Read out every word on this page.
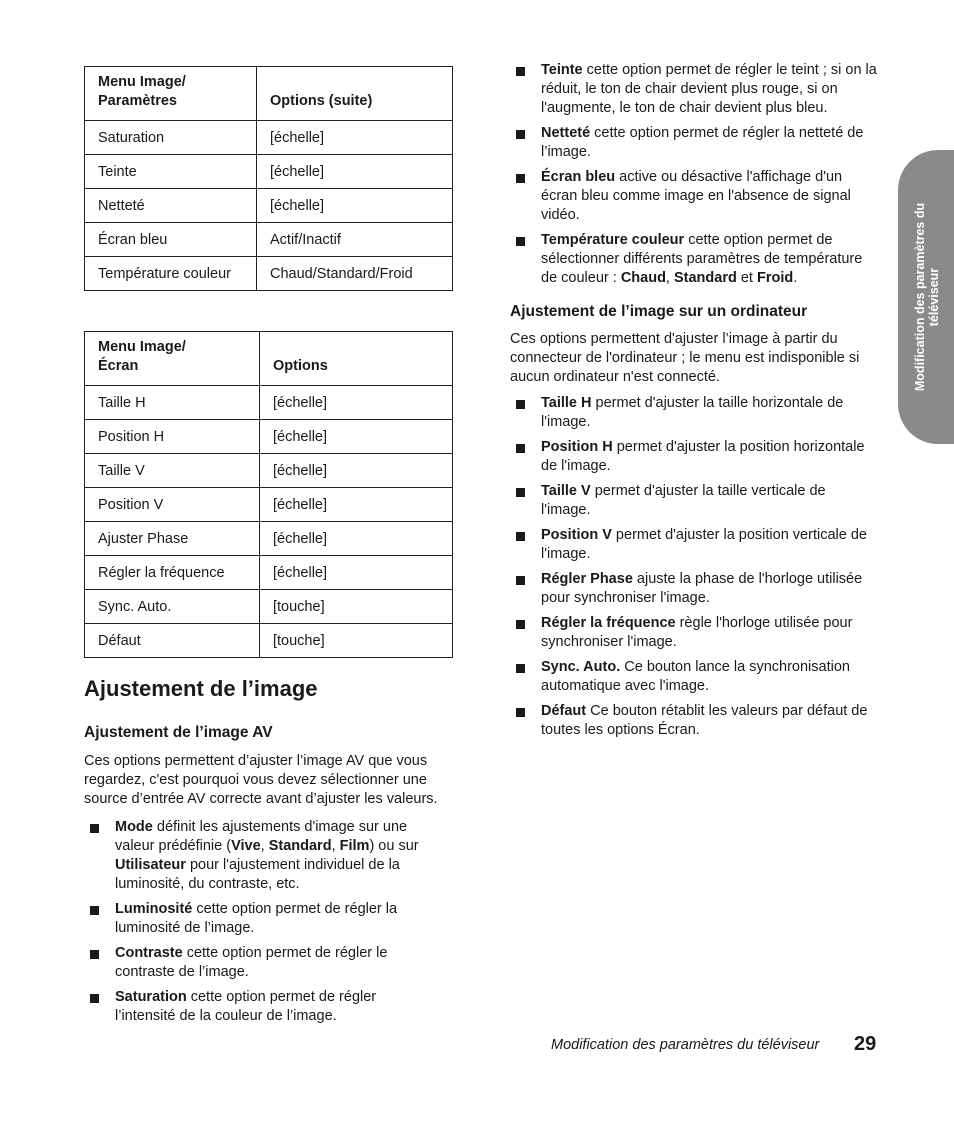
Menu Image/
Paramètres	Options (suite)
Saturation	[échelle]
Teinte	[échelle]
Netteté	[échelle]
Écran bleu	Actif/Inactif
Température couleur	Chaud/Standard/Froid
Menu Image/
Écran	Options
Taille H	[échelle]
Position H	[échelle]
Taille V	[échelle]
Position V	[échelle]
Ajuster Phase	[échelle]
Régler la fréquence	[échelle]
Sync. Auto.	[touche]
Défaut	[touche]
Ajustement de l’image
Ajustement de l’image AV

Ces options permettent d’ajuster l’image AV que vous regardez, c'est pourquoi vous devez sélectionner une source d’entrée AV correcte avant d’ajuster les valeurs.

Mode définit les ajustements d'image sur une valeur prédéfinie (Vive, Standard, Film) ou sur Utilisateur pour l'ajustement individuel de la luminosité, du contraste, etc.
Luminosité cette option permet de régler la luminosité de l’image.
Contraste cette option permet de régler le contraste de l’image.
Saturation cette option permet de régler l’intensité de la couleur de l’image.
Teinte cette option permet de régler le teint ; si on la réduit, le ton de chair devient plus rouge, si on l'augmente, le ton de chair devient plus bleu.
Netteté cette option permet de régler la netteté de l’image.
Écran bleu active ou désactive l'affichage d'un écran bleu comme image en l'absence de signal vidéo.
Température couleur cette option permet de sélectionner différents paramètres de température de couleur : Chaud, Standard et Froid.
Ajustement de l’image sur un ordinateur

Ces options permettent d'ajuster l’image à partir du connecteur de l'ordinateur ; le menu est indisponible si aucun ordinateur n'est connecté.

Taille H permet d'ajuster la taille horizontale de l'image.
Position H permet d'ajuster la position horizontale de l'image.
Taille V permet d'ajuster la taille verticale de l'image.
Position V permet d'ajuster la position verticale de l'image.
Régler Phase ajuste la phase de l'horloge utilisée pour synchroniser l'image.
Régler la fréquence règle l'horloge utilisée pour synchroniser l'image.
Sync. Auto. Ce bouton lance la synchronisation automatique avec l'image.
Défaut Ce bouton rétablit les valeurs par défaut de toutes les options Écran.
Modification des paramètres du
téléviseur
Modification des paramètres du téléviseur 29
